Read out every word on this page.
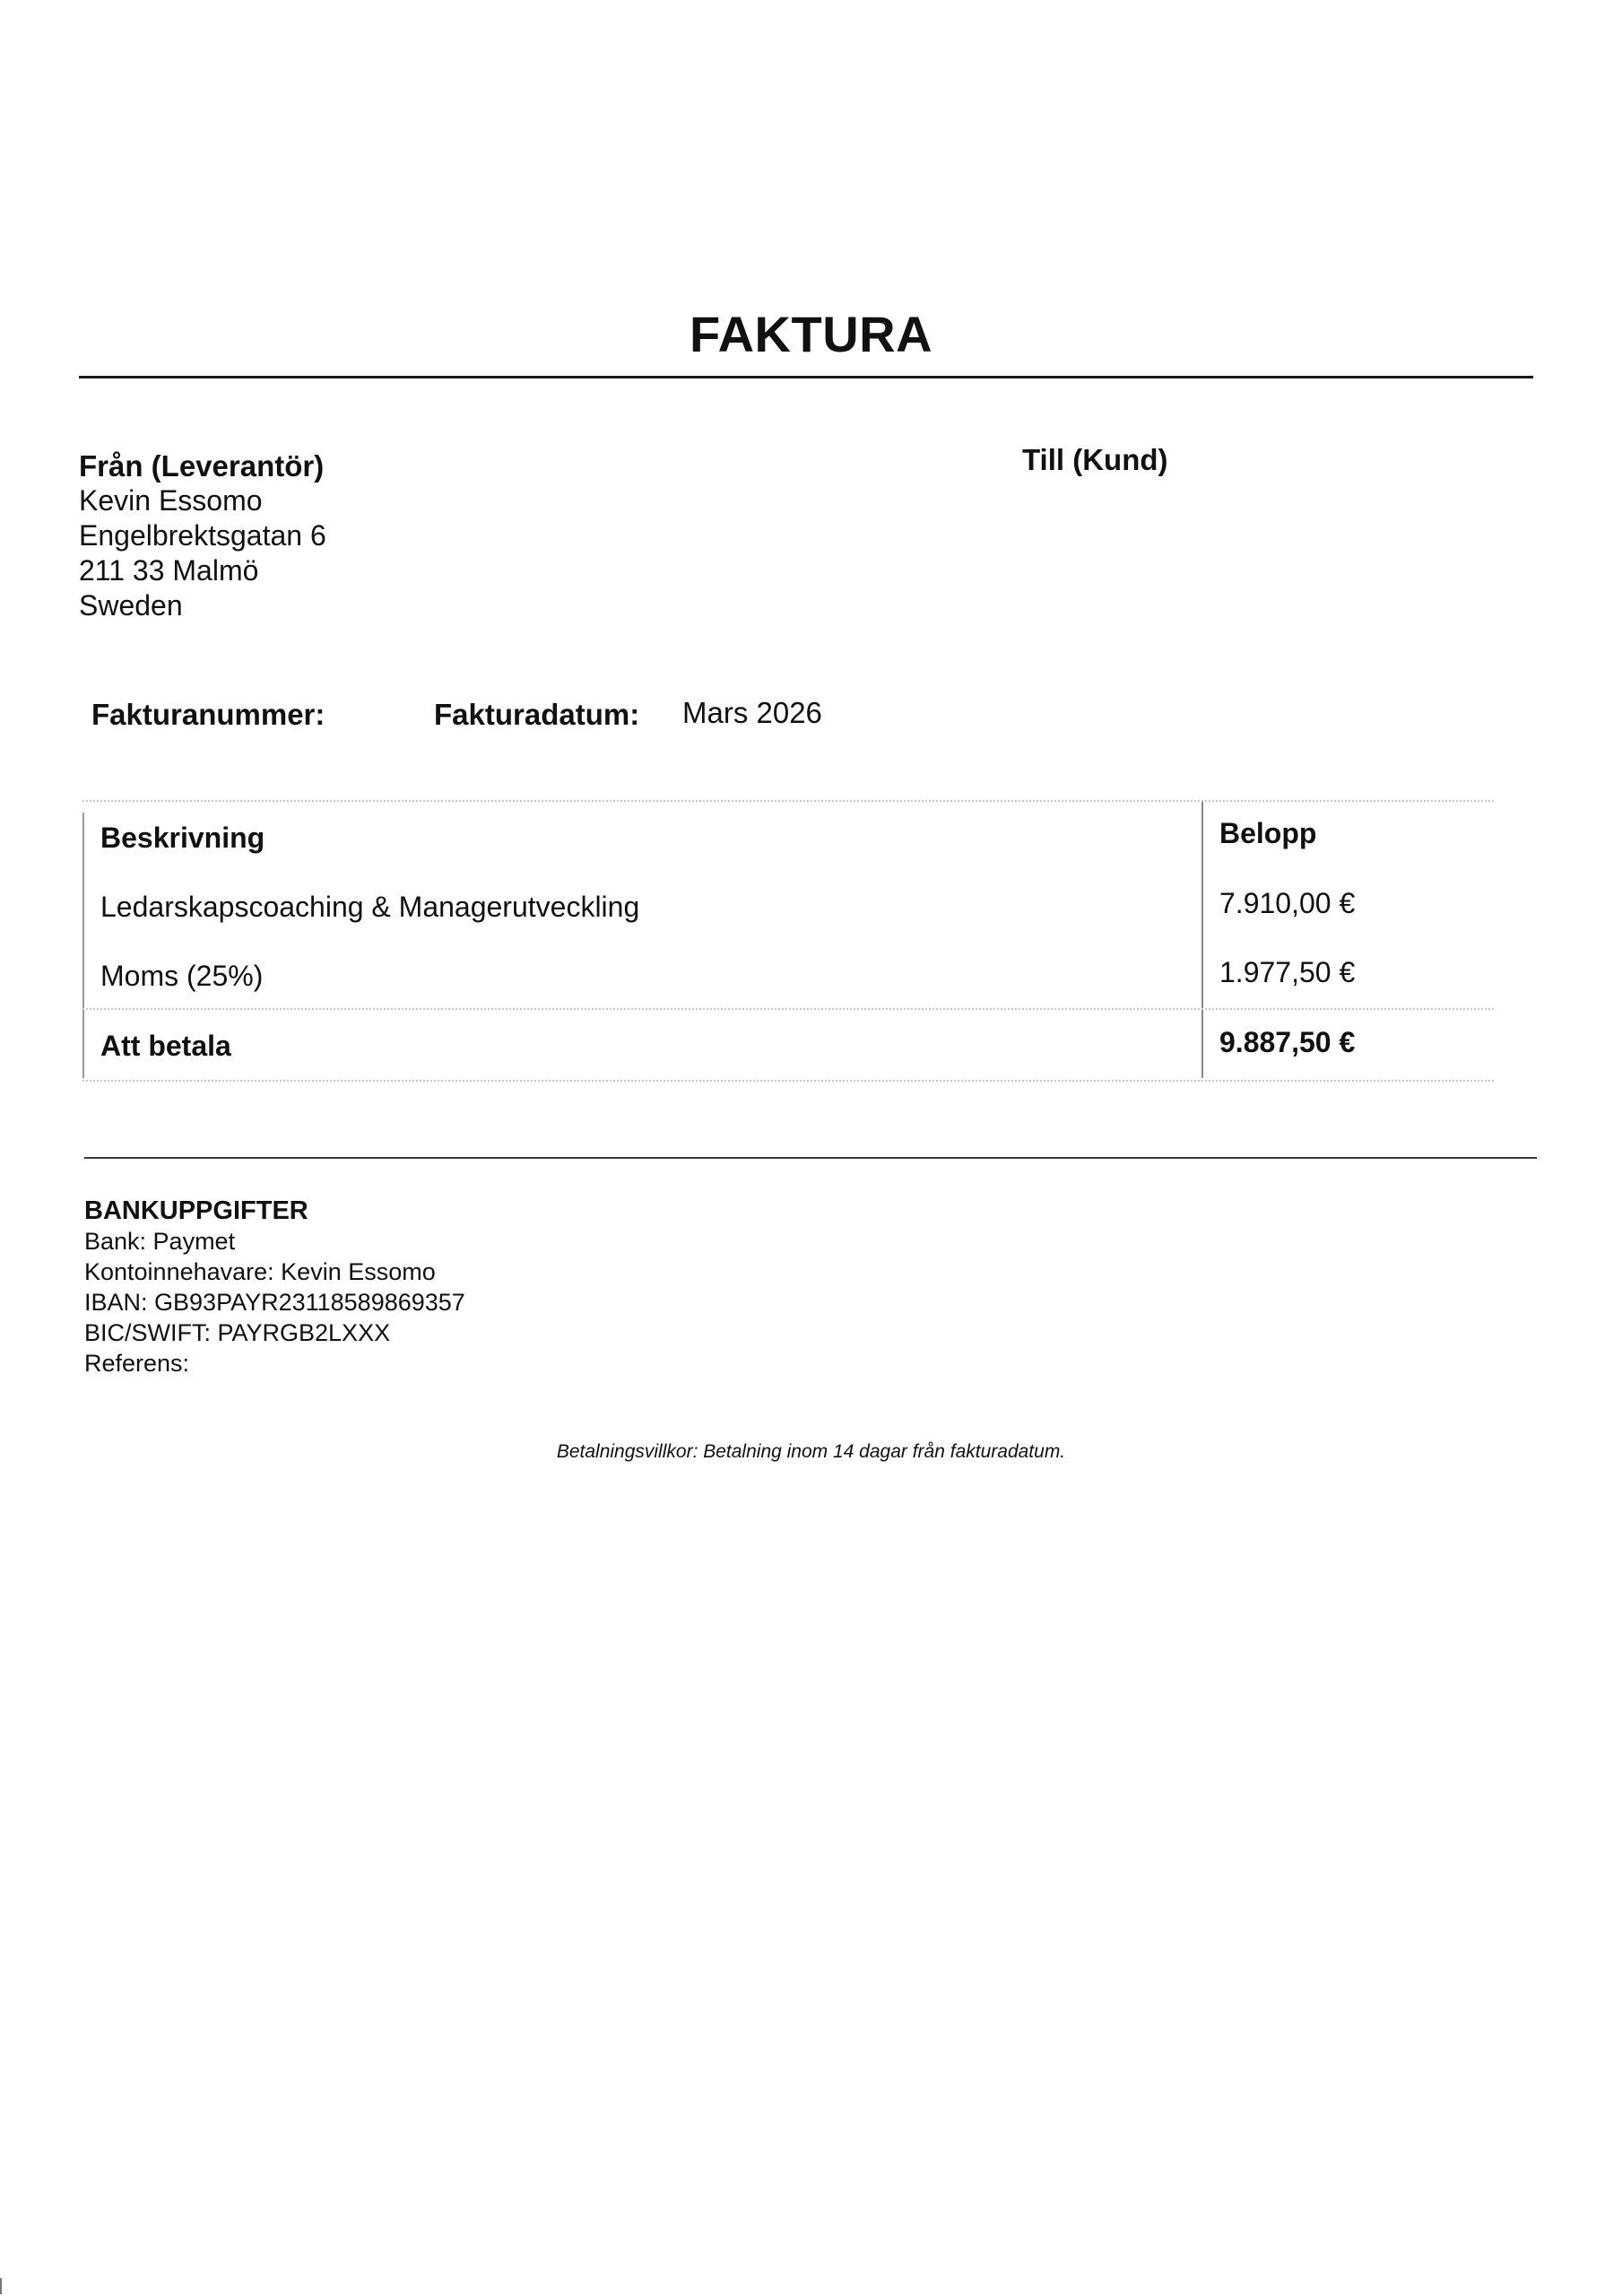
FAKTURA
Från (Leverantör)
Kevin Essomo
Engelbrektsgatan 6
211 33 Malmö
Sweden
Till (Kund)
Fakturanummer:	Fakturadatum: Mars 2026
Beskrivning	Belopp
Ledarskapscoaching & Managerutveckling	7.910,00 €
Moms (25%)	1.977,50 €
Att betala	9.887,50 €
BANKUPPGIFTER
Bank: Paymet
Kontoinnehavare: Kevin Essomo
IBAN: GB93PAYR23118589869357
BIC/SWIFT: PAYRGB2LXXX
Referens:
Betalningsvillkor: Betalning inom 14 dagar från fakturadatum.
